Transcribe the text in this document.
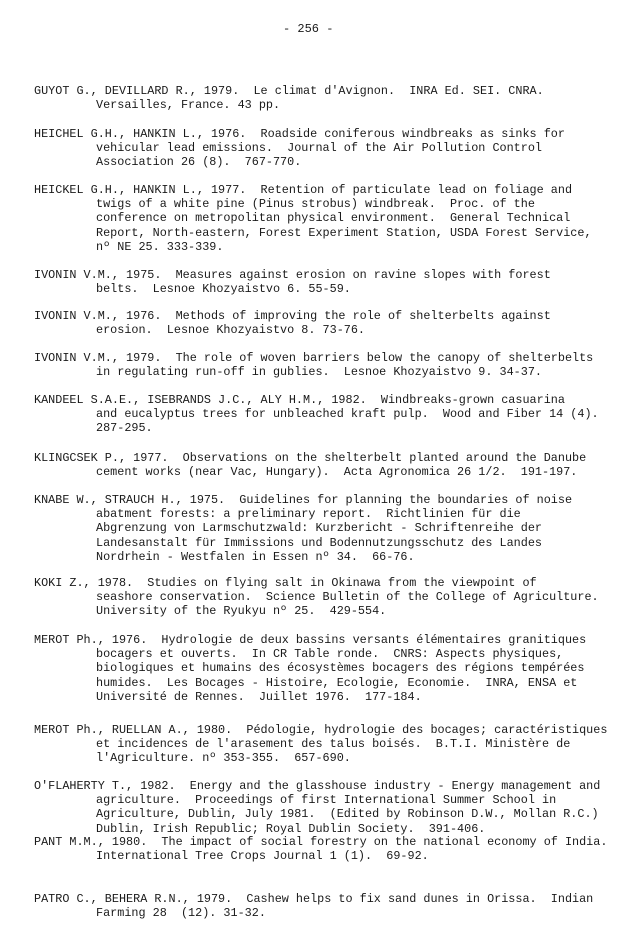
- 256 -
GUYOT G., DEVILLARD R., 1979.  Le climat d'Avignon.  INRA Ed. SEI. CNRA.
Versailles, France. 43 pp.
HEICHEL G.H., HANKIN L., 1976.  Roadside coniferous windbreaks as sinks for
vehicular lead emissions.  Journal of the Air Pollution Control
Association 26 (8).  767-770.
HEICKEL G.H., HANKIN L., 1977.  Retention of particulate lead on foliage and
twigs of a white pine (Pinus strobus) windbreak.  Proc. of the
conference on metropolitan physical environment.  General Technical
Report, North-eastern, Forest Experiment Station, USDA Forest Service,
nº NE 25. 333-339.
IVONIN V.M., 1975.  Measures against erosion on ravine slopes with forest
belts.  Lesnoe Khozyaistvo 6. 55-59.
IVONIN V.M., 1976.  Methods of improving the role of shelterbelts against
erosion.  Lesnoe Khozyaistvo 8. 73-76.
IVONIN V.M., 1979.  The role of woven barriers below the canopy of shelterbelts
in regulating run-off in gublies.  Lesnoe Khozyaistvo 9. 34-37.
KANDEEL S.A.E., ISEBRANDS J.C., ALY H.M., 1982.  Windbreaks-grown casuarina
and eucalyptus trees for unbleached kraft pulp.  Wood and Fiber 14 (4).
287-295.
KLINGCSEK P., 1977.  Observations on the shelterbelt planted around the Danube
cement works (near Vac, Hungary).  Acta Agronomica 26 1/2.  191-197.
KNABE W., STRAUCH H., 1975.  Guidelines for planning the boundaries of noise
abatment forests: a preliminary report.  Richtlinien für die
Abgrenzung von Larmschutzwald: Kurzbericht - Schriftenreihe der
Landesanstalt für Immissions und Bodennutzungsschutz des Landes
Nordrhein - Westfalen in Essen nº 34.  66-76.
KOKI Z., 1978.  Studies on flying salt in Okinawa from the viewpoint of
seashore conservation.  Science Bulletin of the College of Agriculture.
University of the Ryukyu nº 25.  429-554.
MEROT Ph., 1976.  Hydrologie de deux bassins versants élémentaires granitiques
bocagers et ouverts.  In CR Table ronde.  CNRS: Aspects physiques,
biologiques et humains des écosystèmes bocagers des régions tempérées
humides.  Les Bocages - Histoire, Ecologie, Economie.  INRA, ENSA et
Université de Rennes.  Juillet 1976.  177-184.
MEROT Ph., RUELLAN A., 1980.  Pédologie, hydrologie des bocages; caractéristiques
et incidences de l'arasement des talus boisés.  B.T.I. Ministère de
l'Agriculture. nº 353-355.  657-690.
O'FLAHERTY T., 1982.  Energy and the glasshouse industry - Energy management and
agriculture.  Proceedings of first International Summer School in
Agriculture, Dublin, July 1981.  (Edited by Robinson D.W., Mollan R.C.)
Dublin, Irish Republic; Royal Dublin Society.  391-406.
PANT M.M., 1980.  The impact of social forestry on the national economy of India.
International Tree Crops Journal 1 (1).  69-92.
PATRO C., BEHERA R.N., 1979.  Cashew helps to fix sand dunes in Orissa.  Indian
Farming 28  (12). 31-32.
